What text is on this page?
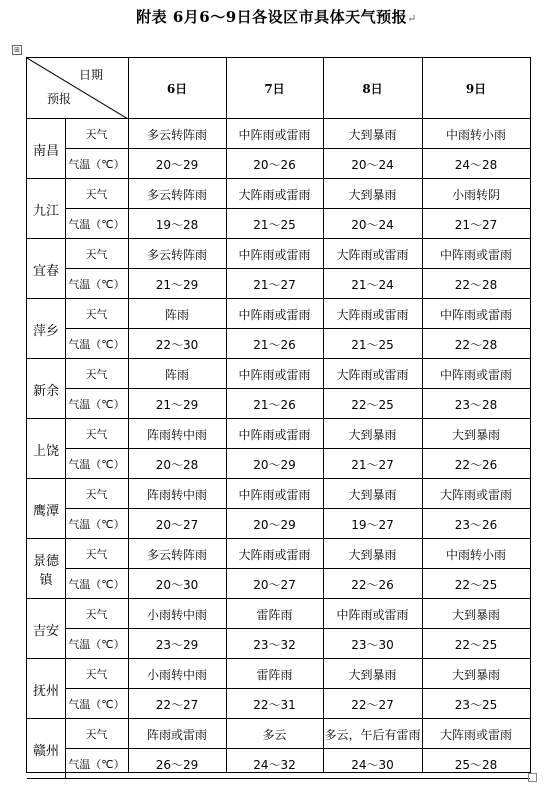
附表 6月6～9日各设区市具体天气预报↵
⊞
日期
预报
6日	7日	8日	9日
南昌
天气	多云转阵雨	中阵雨或雷雨	大到暴雨	中雨转小雨
气温（℃）	20～29	20～26	20～24	24～28
九江
天气	多云转阵雨	大阵雨或雷雨	大到暴雨	小雨转阴
气温（℃）	19～28	21～25	20～24	21～27
宜春
天气	多云转阵雨	中阵雨或雷雨	大阵雨或雷雨	中阵雨或雷雨
气温（℃）	21～29	21～27	21～24	22～28
萍乡
天气	阵雨	中阵雨或雷雨	大阵雨或雷雨	中阵雨或雷雨
气温（℃）	22～30	21～26	21～25	22～28
新余
天气	阵雨	中阵雨或雷雨	大阵雨或雷雨	中阵雨或雷雨
气温（℃）	21～29	21～26	22～25	23～28
上饶
天气	阵雨转中雨	中阵雨或雷雨	大到暴雨	大到暴雨
气温（℃）	20～28	20～29	21～27	22～26
鹰潭
天气	阵雨转中雨	中阵雨或雷雨	大到暴雨	大阵雨或雷雨
气温（℃）	20～27	20～29	19～27	23～26
景德镇
天气	多云转阵雨	大阵雨或雷雨	大到暴雨	中雨转小雨
气温（℃）	20～30	20～27	22～26	22～25
吉安
天气	小雨转中雨	雷阵雨	中阵雨或雷雨	大到暴雨
气温（℃）	23～29	23～32	23～30	22～25
抚州
天气	小雨转中雨	雷阵雨	大到暴雨	大到暴雨
气温（℃）	22～27	22～31	22～27	23～25
赣州
天气	阵雨或雷雨	多云	多云，午后有雷雨	大阵雨或雷雨
气温（℃）	26～29	24～32	24～30	25～28
